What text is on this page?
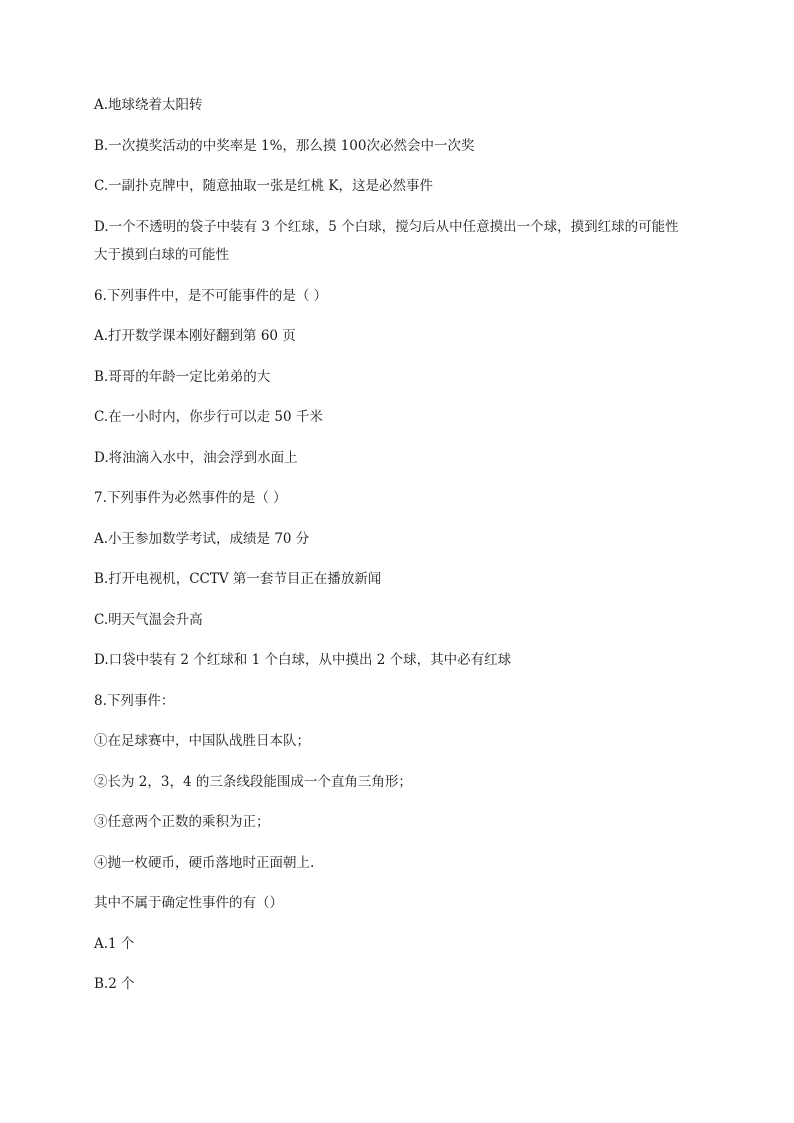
A.地球绕着太阳转
B.一次摸奖活动的中奖率是 1%，那么摸 100次必然会中一次奖
C.一副扑克牌中，随意抽取一张是红桃 K，这是必然事件
D.一个不透明的袋子中装有 3 个红球，5 个白球，搅匀后从中任意摸出一个球，摸到红球的可能性
大于摸到白球的可能性
6.下列事件中，是不可能事件的是（ ）
A.打开数学课本刚好翻到第 60 页
B.哥哥的年龄一定比弟弟的大
C.在一小时内，你步行可以走 50 千米
D.将油滴入水中，油会浮到水面上
7.下列事件为必然事件的是（ ）
A.小王参加数学考试，成绩是 70 分
B.打开电视机，CCTV 第一套节目正在播放新闻
C.明天气温会升高
D.口袋中装有 2 个红球和 1 个白球，从中摸出 2 个球，其中必有红球
8.下列事件：
①在足球赛中，中国队战胜日本队；
②长为 2，3，4 的三条线段能围成一个直角三角形；
③任意两个正数的乘积为正；
④抛一枚硬币，硬币落地时正面朝上.
其中不属于确定性事件的有（）
A.1 个
B.2 个
